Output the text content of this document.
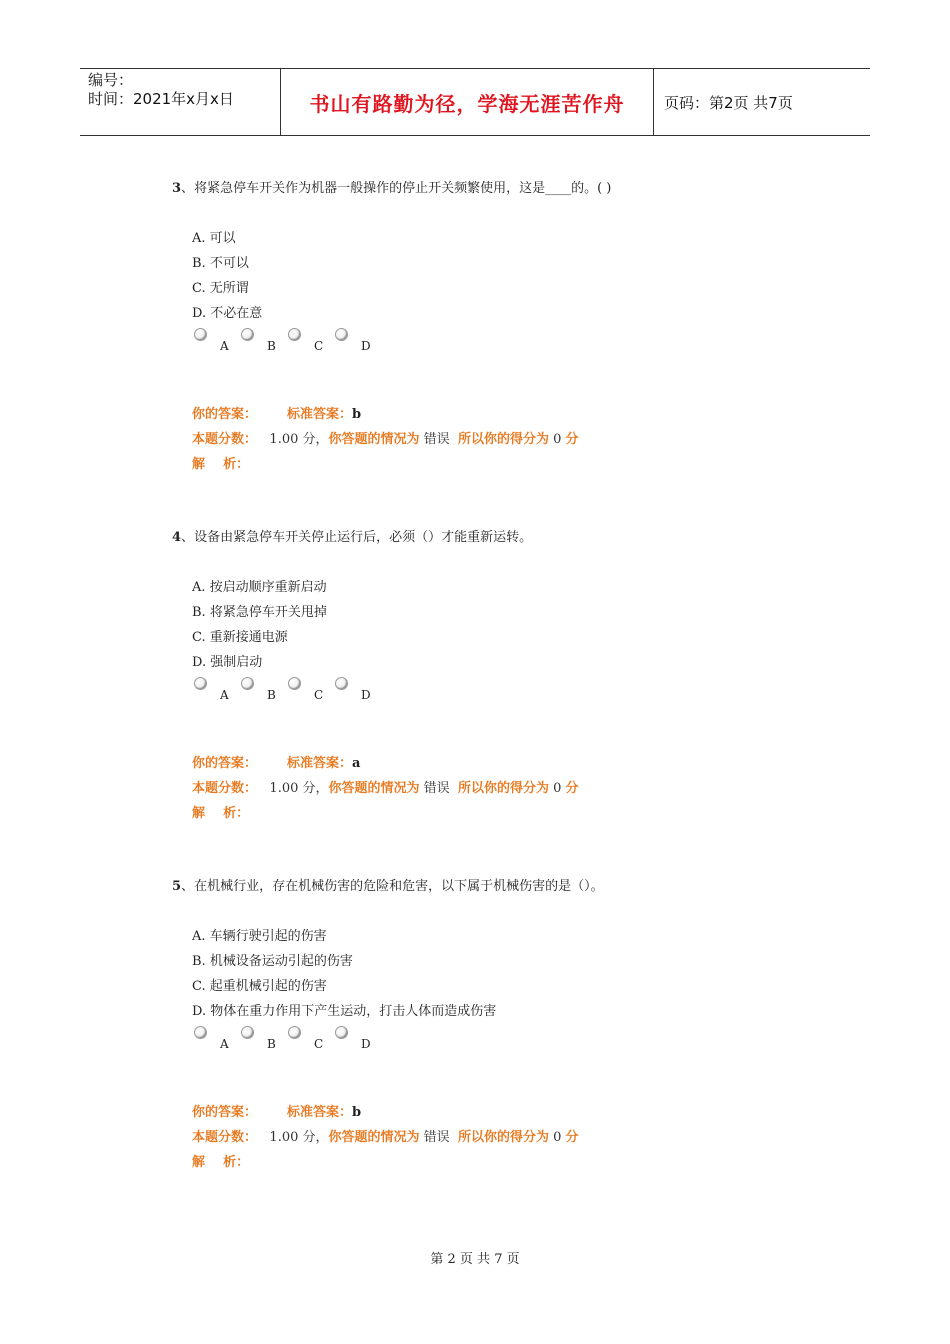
编号：
时间：2021年x月x日	书山有路勤为径，学海无涯苦作舟	页码：第2页 共7页
3、将紧急停车开关作为机器一般操作的停止开关频繁使用，这是____的。( )
A. 可以
B. 不可以
C. 无所谓
D. 不必在意
A	B	C	D
你的答案： 标准答案：b
本题分数： 1.00 分，你答题的情况为 错误 所以你的得分为 0 分
解    析：
4、设备由紧急停车开关停止运行后，必须（）才能重新运转。
A. 按启动顺序重新启动
B. 将紧急停车开关甩掉
C. 重新接通电源
D. 强制启动
A	B	C	D
你的答案： 标准答案：a
本题分数： 1.00 分，你答题的情况为 错误 所以你的得分为 0 分
解    析：
5、在机械行业，存在机械伤害的危险和危害，以下属于机械伤害的是（）。
A. 车辆行驶引起的伤害
B. 机械设备运动引起的伤害
C. 起重机械引起的伤害
D. 物体在重力作用下产生运动，打击人体而造成伤害
A	B	C	D
你的答案： 标准答案：b
本题分数： 1.00 分，你答题的情况为 错误 所以你的得分为 0 分
解    析：
第 2 页 共 7 页
